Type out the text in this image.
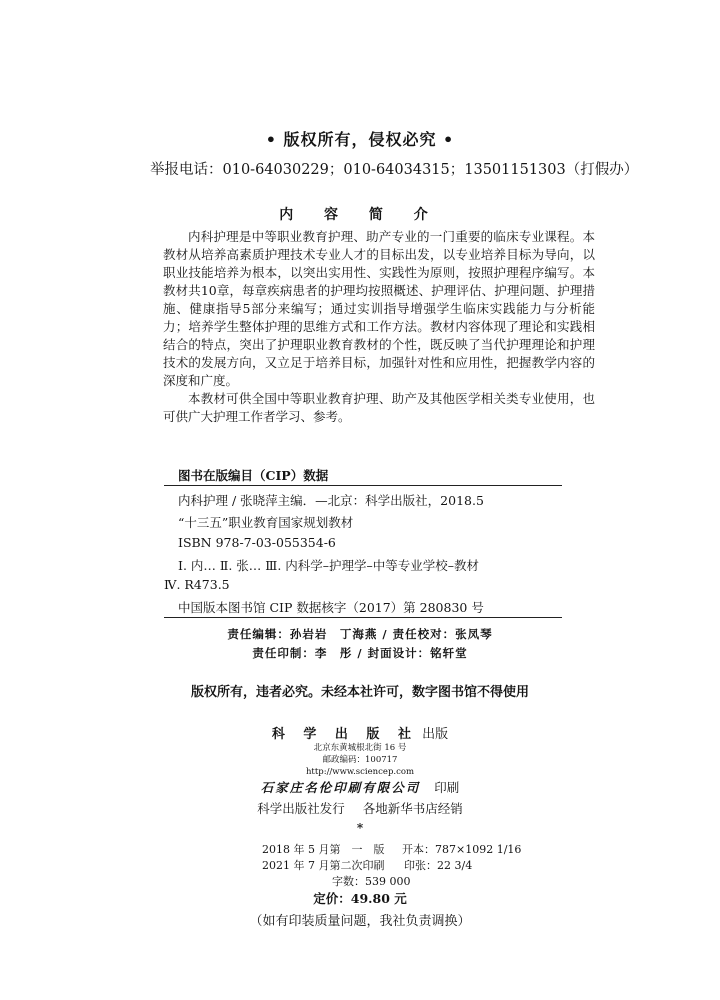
• 版权所有，侵权必究 •
举报电话：010-64030229；010-64034315；13501151303（打假办）
内 容 简 介

内科护理是中等职业教育护理、助产专业的一门重要的临床专业课程。本教材从培养高素质护理技术专业人才的目标出发，以专业培养目标为导向，以职业技能培养为根本，以突出实用性、实践性为原则，按照护理程序编写。本教材共10章，每章疾病患者的护理均按照概述、护理评估、护理问题、护理措施、健康指导5部分来编写；通过实训指导增强学生临床实践能力与分析能力；培养学生整体护理的思维方式和工作方法。教材内容体现了理论和实践相结合的特点，突出了护理职业教育教材的个性，既反映了当代护理理论和护理技术的发展方向，又立足于培养目标，加强针对性和应用性，把握教学内容的深度和广度。

本教材可供全国中等职业教育护理、助产及其他医学相关类专业使用，也可供广大护理工作者学习、参考。

图书在版编目（CIP）数据
内科护理 / 张晓萍主编．—北京：科学出版社，2018.5
“十三五”职业教育国家规划教材
ISBN 978-7-03-055354-6
Ⅰ. 内… Ⅱ. 张… Ⅲ. 内科学–护理学–中等专业学校–教材
Ⅳ. R473.5
中国版本图书馆 CIP 数据核字（2017）第 280830 号
责任编辑：孙岩岩　丁海燕 / 责任校对：张凤琴
责任印制：李　彤 / 封面设计：铭轩堂
版权所有，违者必究。未经本社许可，数字图书馆不得使用
科 学 出 版 社 出版
北京东黄城根北街 16 号
邮政编码：100717
http://www.sciencep.com
石家庄名伦印刷有限公司 印刷
科学出版社发行 各地新华书店经销
*
2018 年 5 月第　一　版 开本：787×1092 1/16
2021 年 7 月第二次印刷 印张：22 3/4
字数：539 000
定价：49.80 元
（如有印装质量问题，我社负责调换）
